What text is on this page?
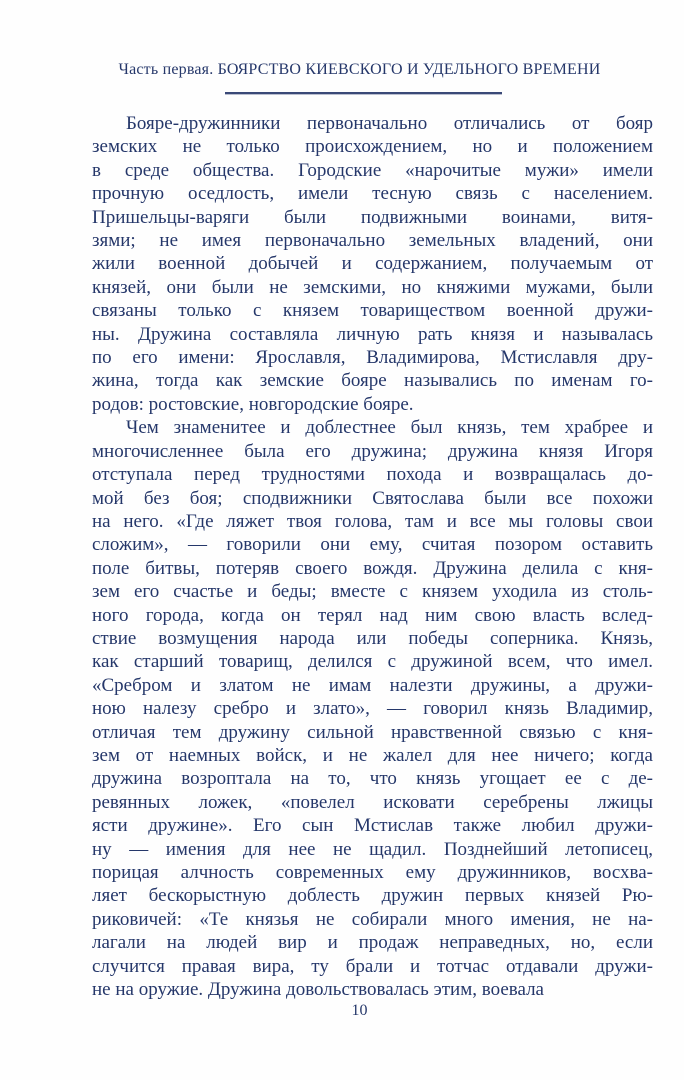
Часть первая. БОЯРСТВО КИЕВСКОГО И УДЕЛЬНОГО ВРЕМЕНИ
Бояре-дружинники первоначально отличались от бояр
земских не только происхождением, но и положением
в среде общества. Городские «нарочитые мужи» имели
прочную оседлость, имели тесную связь с населением.
Пришельцы-варяги были подвижными воинами, витя-
зями; не имея первоначально земельных владений, они
жили военной добычей и содержанием, получаемым от
князей, они были не земскими, но княжими мужами, были
связаны только с князем товариществом военной дружи-
ны. Дружина составляла личную рать князя и называлась
по его имени: Ярославля, Владимирова, Мстиславля дру-
жина, тогда как земские бояре назывались по именам го-
родов: ростовские, новгородские бояре.
Чем знаменитее и доблестнее был князь, тем храбрее и
многочисленнее была его дружина; дружина князя Игоря
отступала перед трудностями похода и возвращалась до-
мой без боя; сподвижники Святослава были все похожи
на него. «Где ляжет твоя голова, там и все мы головы свои
сложим», — говорили они ему, считая позором оставить
поле битвы, потеряв своего вождя. Дружина делила с кня-
зем его счастье и беды; вместе с князем уходила из столь-
ного города, когда он терял над ним свою власть вслед-
ствие возмущения народа или победы соперника. Князь,
как старший товарищ, делился с дружиной всем, что имел.
«Сребром и златом не имам налезти дружины, а дружи-
ною налезу сребро и злато», — говорил князь Владимир,
отличая тем дружину сильной нравственной связью с кня-
зем от наемных войск, и не жалел для нее ничего; когда
дружина возроптала на то, что князь угощает ее с де-
ревянных ложек, «повелел исковати серебрены лжицы
ясти дружине». Его сын Мстислав также любил дружи-
ну — имения для нее не щадил. Позднейший летописец,
порицая алчность современных ему дружинников, восхва-
ляет бескорыстную доблесть дружин первых князей Рю-
риковичей: «Те князья не собирали много имения, не на-
лагали на людей вир и продаж неправедных, но, если
случится правая вира, ту брали и тотчас отдавали дружи-
не на оружие. Дружина довольствовалась этим, воевала
10
